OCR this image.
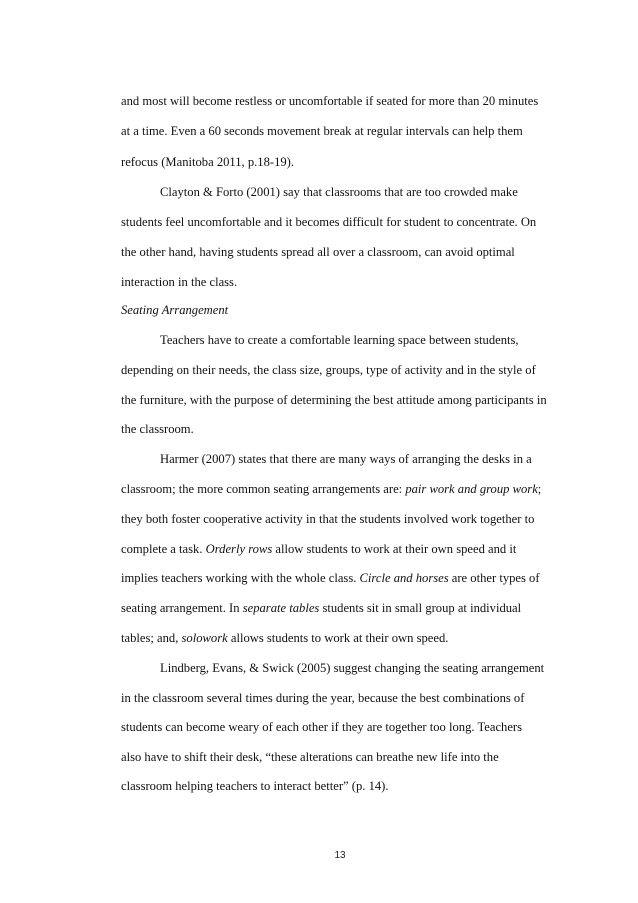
and most will become restless or uncomfortable if seated for more than 20 minutes
at a time. Even a 60 seconds movement break at regular intervals can help them
refocus (Manitoba 2011, p.18-19).
Clayton & Forto (2001) say that classrooms that are too crowded make
students feel uncomfortable and it becomes difficult for student to concentrate. On
the other hand, having students spread all over a classroom, can avoid optimal
interaction in the class.
Seating Arrangement
Teachers have to create a comfortable learning space between students,
depending on their needs, the class size, groups, type of activity and in the style of
the furniture, with the purpose of determining the best attitude among participants in
the classroom.
Harmer (2007) states that there are many ways of arranging the desks in a
classroom; the more common seating arrangements are: pair work and group work;
they both foster cooperative activity in that the students involved work together to
complete a task. Orderly rows allow students to work at their own speed and it
implies teachers working with the whole class. Circle and horses are other types of
seating arrangement. In separate tables students sit in small group at individual
tables; and, solowork allows students to work at their own speed.
Lindberg, Evans, & Swick (2005) suggest changing the seating arrangement
in the classroom several times during the year, because the best combinations of
students can become weary of each other if they are together too long. Teachers
also have to shift their desk, “these alterations can breathe new life into the
classroom helping teachers to interact better” (p. 14).
13
